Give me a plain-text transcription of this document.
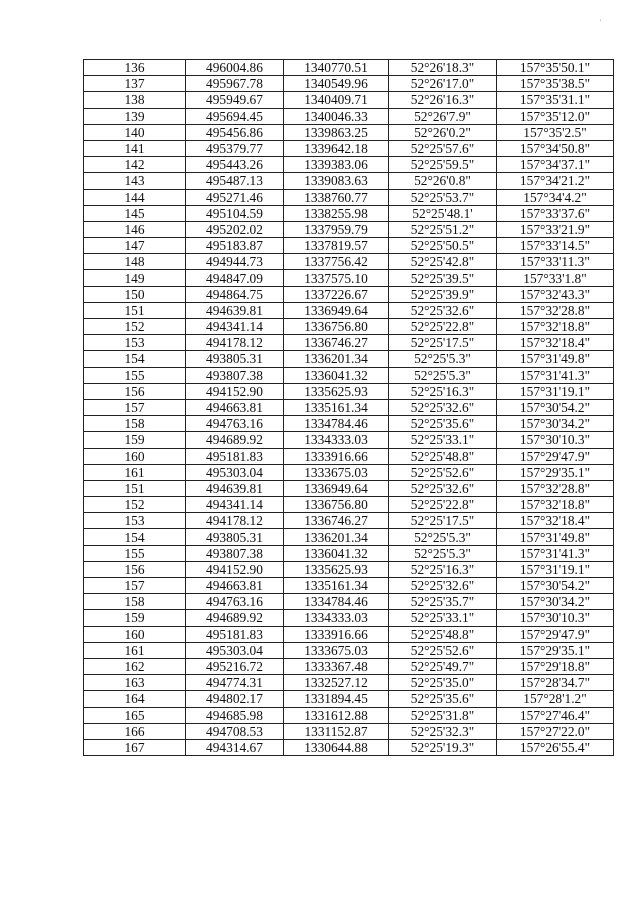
'
136	496004.86	1340770.51	52°26'18.3"	157°35'50.1"
137	495967.78	1340549.96	52°26'17.0"	157°35'38.5"
138	495949.67	1340409.71	52°26'16.3"	157°35'31.1"
139	495694.45	1340046.33	52°26'7.9"	157°35'12.0"
140	495456.86	1339863.25	52°26'0.2"	157°35'2.5"
141	495379.77	1339642.18	52°25'57.6"	157°34'50.8"
142	495443.26	1339383.06	52°25'59.5"	157°34'37.1"
143	495487.13	1339083.63	52°26'0.8"	157°34'21.2"
144	495271.46	1338760.77	52°25'53.7"	157°34'4.2"
145	495104.59	1338255.98	52°25'48.1'	157°33'37.6"
146	495202.02	1337959.79	52°25'51.2"	157°33'21.9"
147	495183.87	1337819.57	52°25'50.5"	157°33'14.5"
148	494944.73	1337756.42	52°25'42.8"	157°33'11.3"
149	494847.09	1337575.10	52°25'39.5"	157°33'1.8"
150	494864.75	1337226.67	52°25'39.9"	157°32'43.3"
151	494639.81	1336949.64	52°25'32.6"	157°32'28.8"
152	494341.14	1336756.80	52°25'22.8"	157°32'18.8"
153	494178.12	1336746.27	52°25'17.5"	157°32'18.4"
154	493805.31	1336201.34	52°25'5.3"	157°31'49.8"
155	493807.38	1336041.32	52°25'5.3"	157°31'41.3"
156	494152.90	1335625.93	52°25'16.3"	157°31'19.1"
157	494663.81	1335161.34	52°25'32.6"	157°30'54.2"
158	494763.16	1334784.46	52°25'35.6"	157°30'34.2"
159	494689.92	1334333.03	52°25'33.1"	157°30'10.3"
160	495181.83	1333916.66	52°25'48.8"	157°29'47.9"
161	495303.04	1333675.03	52°25'52.6"	157°29'35.1"
151	494639.81	1336949.64	52°25'32.6"	157°32'28.8"
152	494341.14	1336756.80	52°25'22.8"	157°32'18.8"
153	494178.12	1336746.27	52°25'17.5"	157°32'18.4"
154	493805.31	1336201.34	52°25'5.3"	157°31'49.8"
155	493807.38	1336041.32	52°25'5.3"	157°31'41.3"
156	494152.90	1335625.93	52°25'16.3"	157°31'19.1"
157	494663.81	1335161.34	52°25'32.6"	157°30'54.2"
158	494763.16	1334784.46	52°25'35.7"	157°30'34.2"
159	494689.92	1334333.03	52°25'33.1"	157°30'10.3"
160	495181.83	1333916.66	52°25'48.8"	157°29'47.9"
161	495303.04	1333675.03	52°25'52.6"	157°29'35.1"
162	495216.72	1333367.48	52°25'49.7"	157°29'18.8"
163	494774.31	1332527.12	52°25'35.0"	157°28'34.7"
164	494802.17	1331894.45	52°25'35.6"	157°28'1.2"
165	494685.98	1331612.88	52°25'31.8"	157°27'46.4"
166	494708.53	1331152.87	52°25'32.3"	157°27'22.0"
167	494314.67	1330644.88	52°25'19.3"	157°26'55.4"
